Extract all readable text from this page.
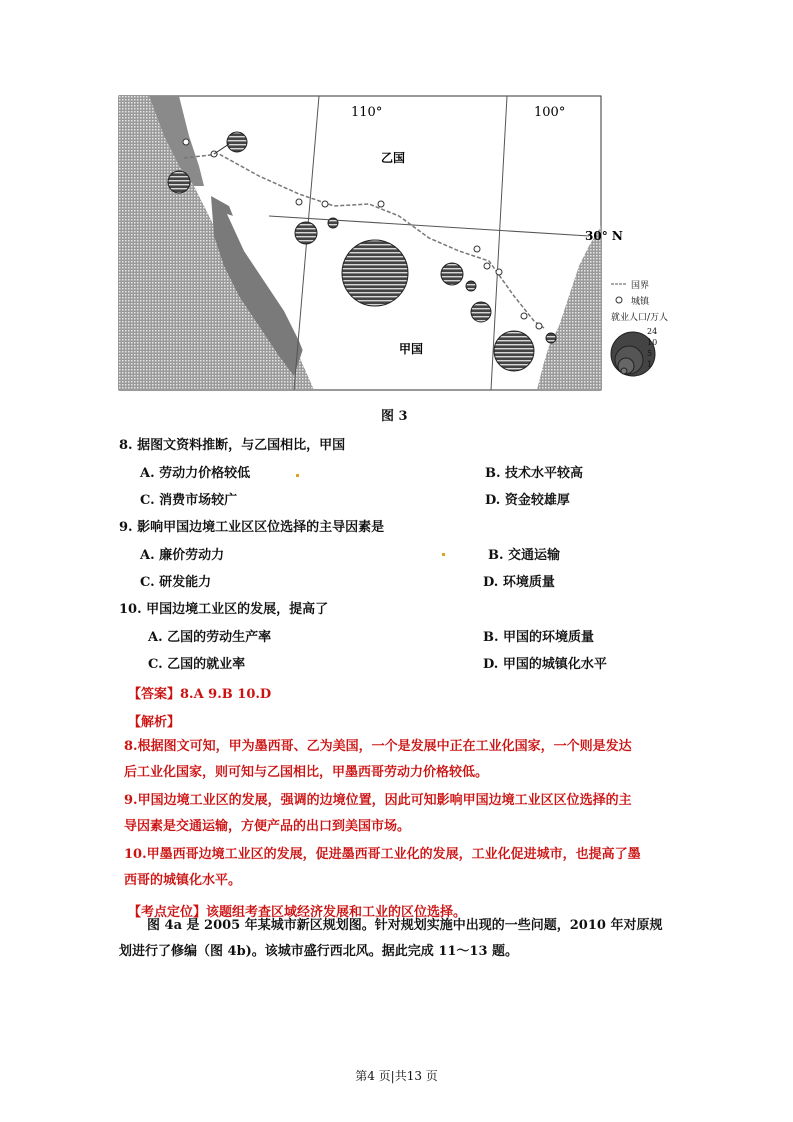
110°	100°
30° N
乙国
甲国
国界
城镇
就业人口/万人
24
10
5
1
图 3
8. 据图文资料推断，与乙国相比，甲国
A. 劳动力价格较低	B. 技术水平较高
C. 消费市场较广	D. 资金较雄厚
9. 影响甲国边境工业区区位选择的主导因素是
A. 廉价劳动力	B. 交通运输
C. 研发能力	D. 环境质量
10. 甲国边境工业区的发展，提高了
A. 乙国的劳动生产率	B. 甲国的环境质量
C. 乙国的就业率	D. 甲国的城镇化水平
【答案】8.A 9.B 10.D
【解析】
8.根据图文可知，甲为墨西哥、乙为美国，一个是发展中正在工业化国家，一个则是发达
后工业化国家，则可知与乙国相比，甲墨西哥劳动力价格较低。
9.甲国边境工业区的发展，强调的边境位置，因此可知影响甲国边境工业区区位选择的主
导因素是交通运输，方便产品的出口到美国市场。
10.甲墨西哥边境工业区的发展，促进墨西哥工业化的发展，工业化促进城市，也提高了墨
西哥的城镇化水平。
【考点定位】该题组考查区域经济发展和工业的区位选择。
图 4a 是 2005 年某城市新区规划图。针对规划实施中出现的一些问题，2010 年对原规
划进行了修编（图 4b)。该城市盛行西北风。据此完成 11～13 题。
第4 页|共13 页
